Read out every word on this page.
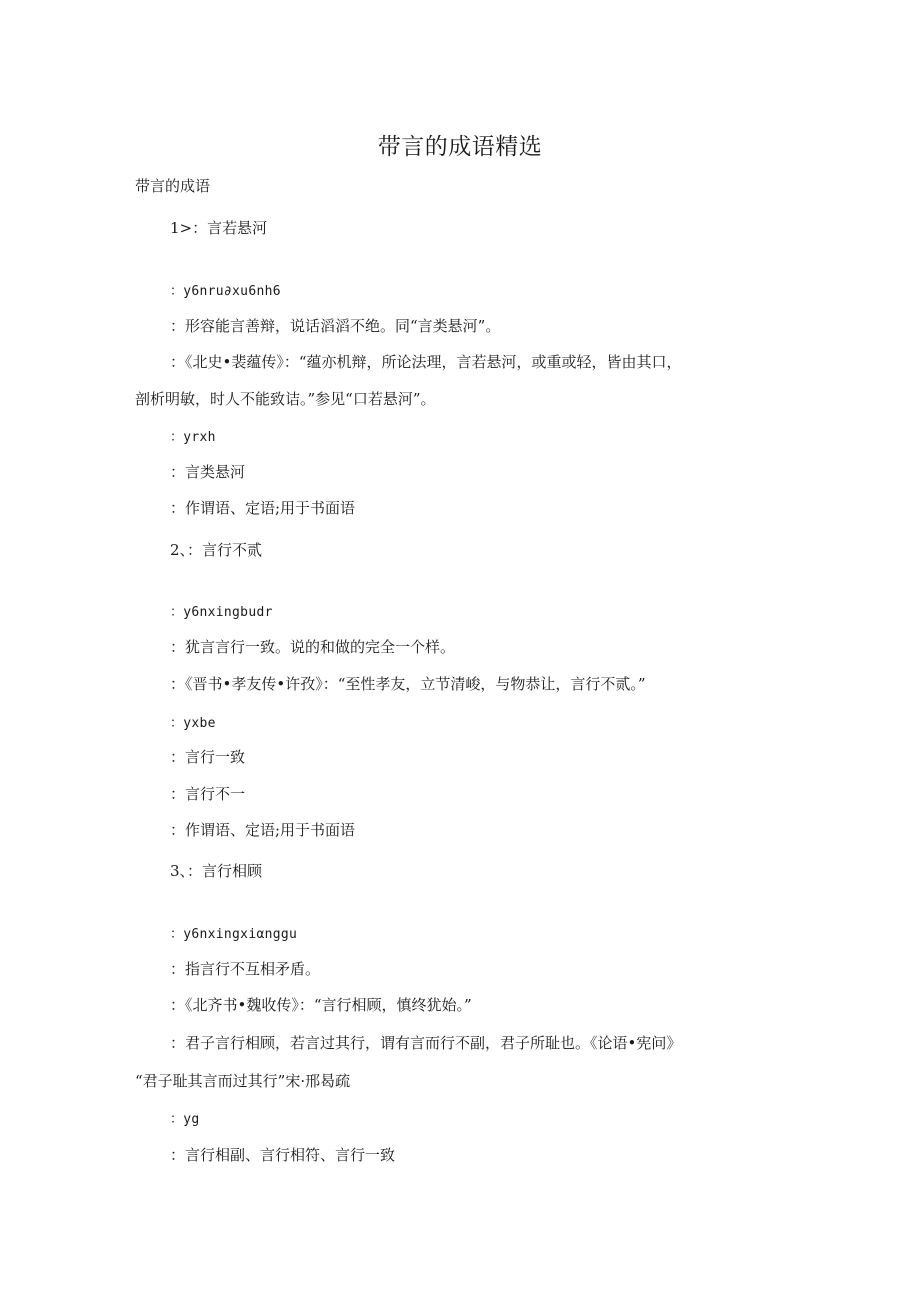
带言的成语精选
带言的成语
1>：言若悬河
：y6nru∂xu6nh6
：形容能言善辩，说话滔滔不绝。同“言类悬河”。
：《北史•裴蕴传》：“蕴亦机辩，所论法理，言若悬河，或重或轻，皆由其口，
剖析明敏，时人不能致诘。”参见“口若悬河”。
：yrxh
：言类悬河
：作谓语、定语;用于书面语
2、：言行不贰
：y6nxingbudr
：犹言言行一致。说的和做的完全一个样。
：《晋书•孝友传•许孜》：“至性孝友，立节清峻，与物恭让，言行不贰。”
：yxbe
：言行一致
：言行不一
：作谓语、定语;用于书面语
3、：言行相顾
：y6nxingxiαnggu
：指言行不互相矛盾。
：《北齐书•魏收传》：“言行相顾，慎终犹始。”
：君子言行相顾，若言过其行，谓有言而行不副，君子所耻也。《论语•宪问》
“君子耻其言而过其行”宋·邢曷疏
：yg
：言行相副、言行相符、言行一致
